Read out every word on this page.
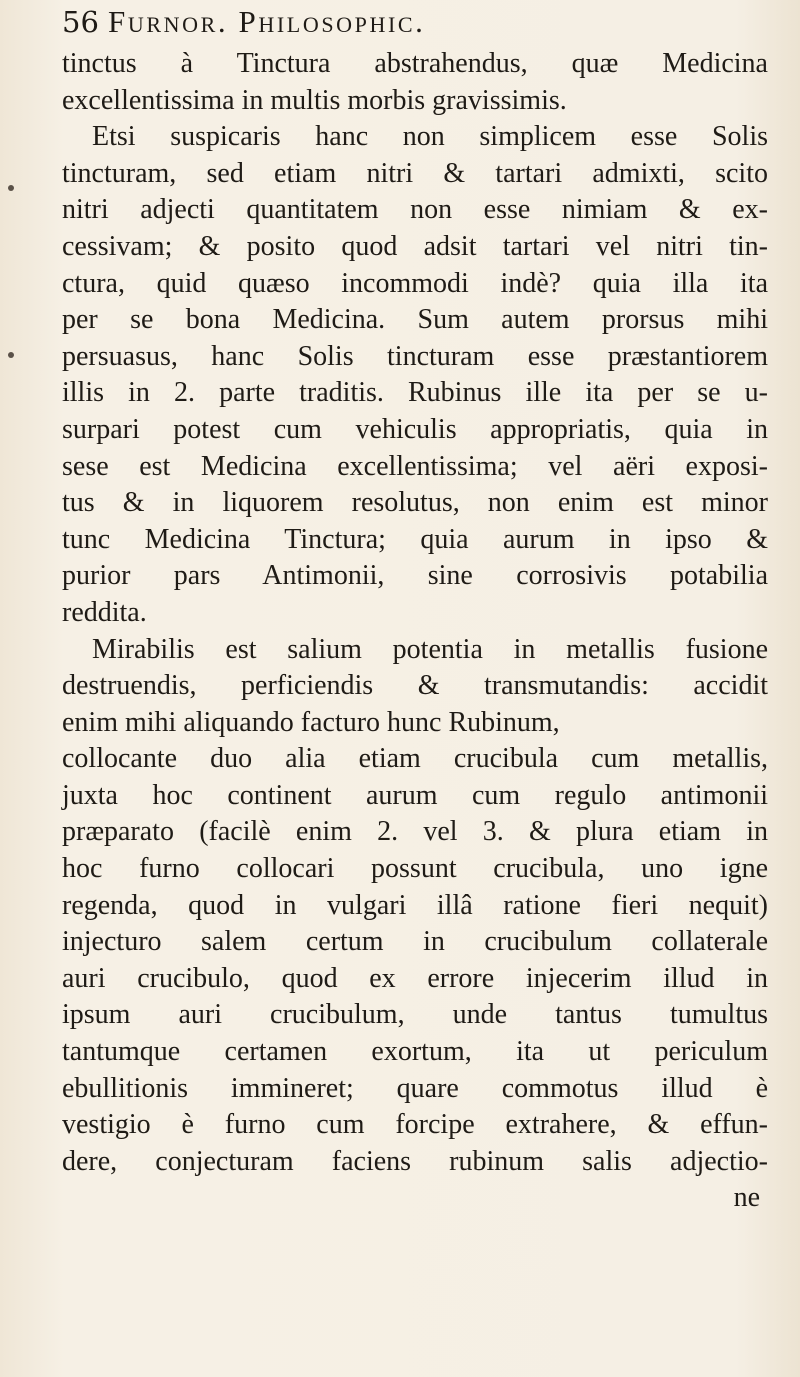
56 Furnor. Philosophic.
tinctus à Tinctura abstrahendus, quæ Medicina
excellentissima in multis morbis gravissimis.
Etsi suspicaris hanc non simplicem esse Solis
tincturam, sed etiam nitri & tartari admixti, scito
nitri adjecti quantitatem non esse nimiam & ex-
cessivam; & posito quod adsit tartari vel nitri tin-
ctura, quid quæso incommodi indè? quia illa ita
per se bona Medicina. Sum autem prorsus mihi
persuasus, hanc Solis tincturam esse præstantiorem
illis in 2. parte traditis. Rubinus ille ita per se u-
surpari potest cum vehiculis appropriatis, quia in
sese est Medicina excellentissima; vel aëri exposi-
tus & in liquorem resolutus, non enim est minor
tunc Medicina Tinctura; quia aurum in ipso &
purior pars Antimonii, sine corrosivis potabilia
reddita.
Mirabilis est salium potentia in metallis fusione
destruendis, perficiendis & transmutandis: accidit
enim mihi aliquando facturo hunc Rubinum,
collocante duo alia etiam crucibula cum metallis,
juxta hoc continent aurum cum regulo antimonii
præparato (facilè enim 2. vel 3. & plura etiam in
hoc furno collocari possunt crucibula, uno igne
regenda, quod in vulgari illâ ratione fieri nequit)
injecturo salem certum in crucibulum collaterale
auri crucibulo, quod ex errore injecerim illud in
ipsum auri crucibulum, unde tantus tumultus
tantumque certamen exortum, ita ut periculum
ebullitionis immineret; quare commotus illud è
vestigio è furno cum forcipe extrahere, & effun-
dere, conjecturam faciens rubinum salis adjectio-
ne
